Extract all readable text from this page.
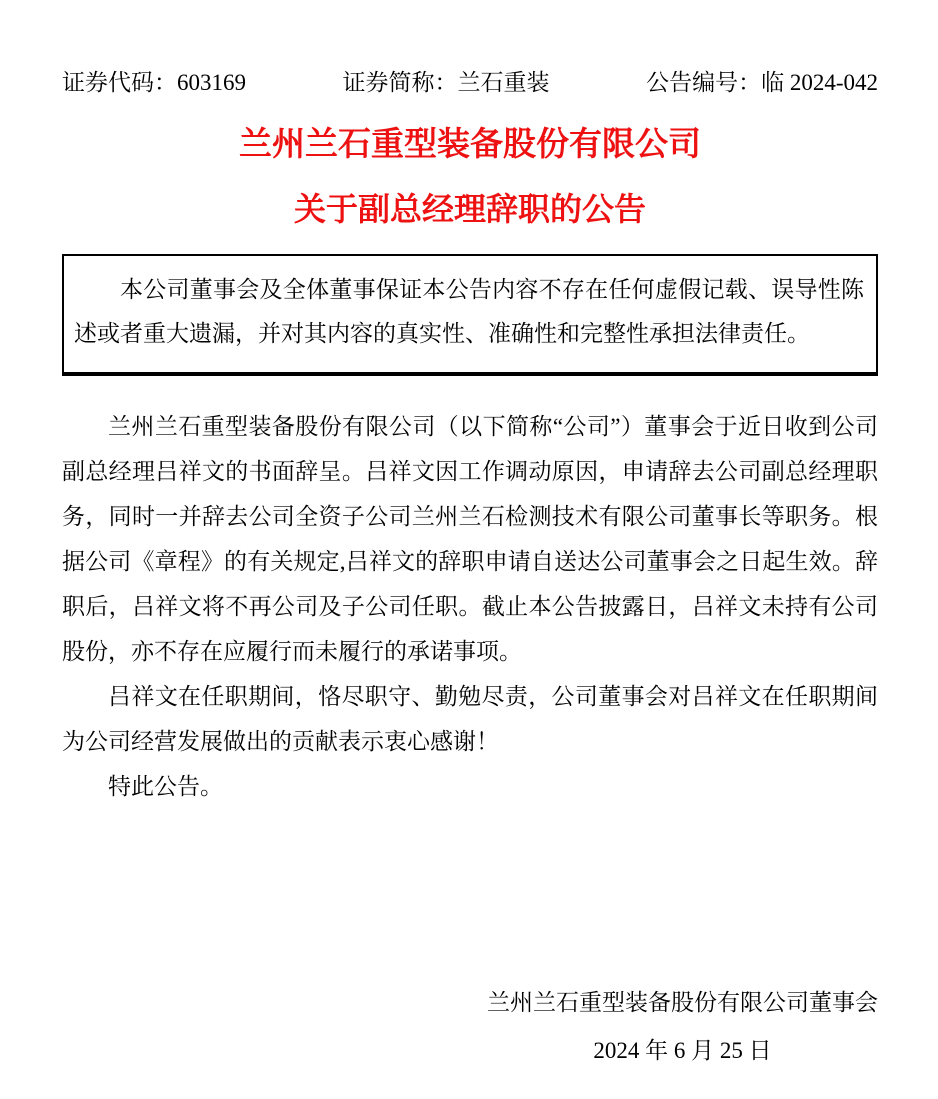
证券代码：603169	证券简称：兰石重装	公告编号：临 2024-042
兰州兰石重型装备股份有限公司
关于副总经理辞职的公告

本公司董事会及全体董事保证本公告内容不存在任何虚假记载、误导性陈述或者重大遗漏，并对其内容的真实性、准确性和完整性承担法律责任。

兰州兰石重型装备股份有限公司（以下简称“公司”）董事会于近日收到公司副总经理吕祥文的书面辞呈。吕祥文因工作调动原因，申请辞去公司副总经理职务，同时一并辞去公司全资子公司兰州兰石检测技术有限公司董事长等职务。根据公司《章程》的有关规定,吕祥文的辞职申请自送达公司董事会之日起生效。辞职后，吕祥文将不再公司及子公司任职。截止本公告披露日，吕祥文未持有公司股份，亦不存在应履行而未履行的承诺事项。

吕祥文在任职期间，恪尽职守、勤勉尽责，公司董事会对吕祥文在任职期间为公司经营发展做出的贡献表示衷心感谢！

特此公告。

兰州兰石重型装备股份有限公司董事会
2024 年 6 月 25 日
